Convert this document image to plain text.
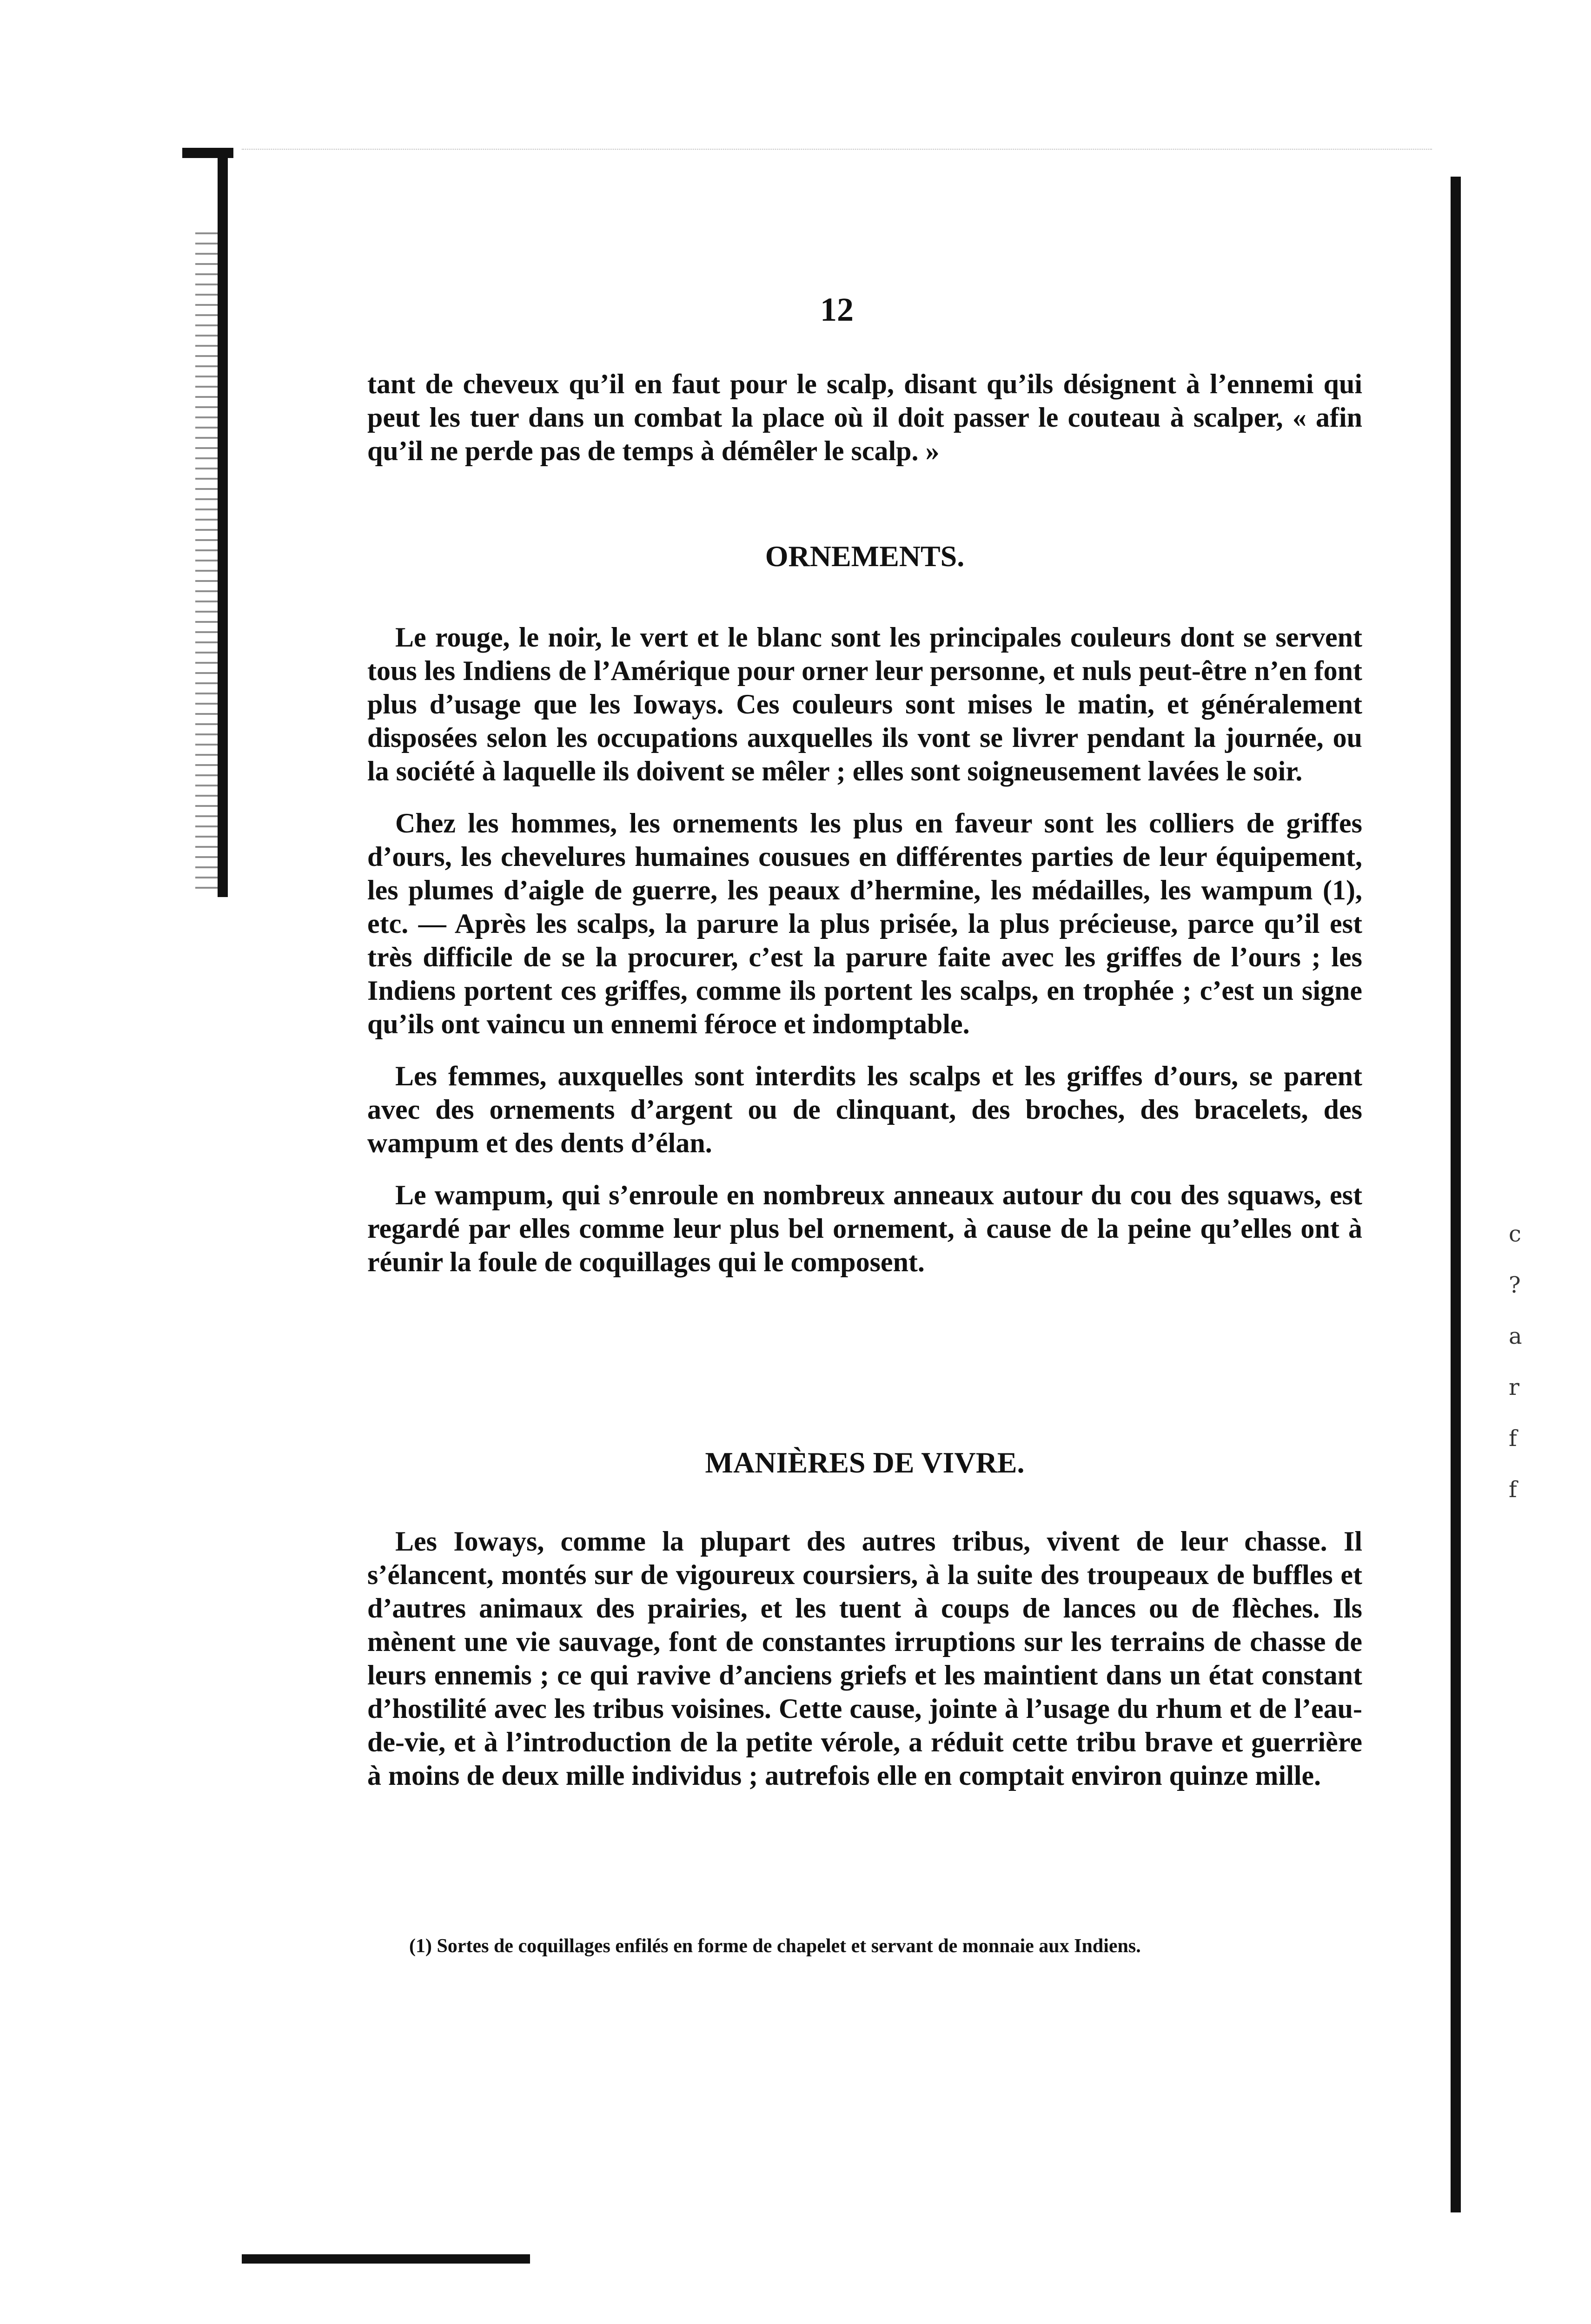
c ? a r f f
12

tant de cheveux qu’il en faut pour le scalp, disant qu’ils désignent à l’ennemi qui peut les tuer dans un combat la place où il doit passer le couteau à scalper, « afin qu’il ne perde pas de temps à démêler le scalp. »

ORNEMENTS.

Le rouge, le noir, le vert et le blanc sont les principales couleurs dont se servent tous les Indiens de l’Amérique pour orner leur personne, et nuls peut-être n’en font plus d’usage que les Ioways. Ces couleurs sont mises le matin, et généralement disposées selon les occupations auxquelles ils vont se livrer pendant la journée, ou la société à laquelle ils doivent se mêler ; elles sont soigneusement lavées le soir.

Chez les hommes, les ornements les plus en faveur sont les colliers de griffes d’ours, les chevelures humaines cousues en différentes parties de leur équipement, les plumes d’aigle de guerre, les peaux d’hermine, les médailles, les wampum (1), etc. — Après les scalps, la parure la plus prisée, la plus précieuse, parce qu’il est très difficile de se la procurer, c’est la parure faite avec les griffes de l’ours ; les Indiens portent ces griffes, comme ils portent les scalps, en trophée ; c’est un signe qu’ils ont vaincu un ennemi féroce et indomptable.

Les femmes, auxquelles sont interdits les scalps et les griffes d’ours, se parent avec des ornements d’argent ou de clinquant, des broches, des bracelets, des wampum et des dents d’élan.

Le wampum, qui s’enroule en nombreux anneaux autour du cou des squaws, est regardé par elles comme leur plus bel ornement, à cause de la peine qu’elles ont à réunir la foule de coquillages qui le composent.

MANIÈRES DE VIVRE.

Les Ioways, comme la plupart des autres tribus, vivent de leur chasse. Il s’élancent, montés sur de vigoureux coursiers, à la suite des troupeaux de buffles et d’autres animaux des prairies, et les tuent à coups de lances ou de flèches. Ils mènent une vie sauvage, font de constantes irruptions sur les terrains de chasse de leurs ennemis ; ce qui ravive d’anciens griefs et les maintient dans un état constant d’hostilité avec les tribus voisines. Cette cause, jointe à l’usage du rhum et de l’eau-de-vie, et à l’introduction de la petite vérole, a réduit cette tribu brave et guerrière à moins de deux mille individus ; autrefois elle en comptait environ quinze mille.

(1) Sortes de coquillages enfilés en forme de chapelet et servant de monnaie aux Indiens.
